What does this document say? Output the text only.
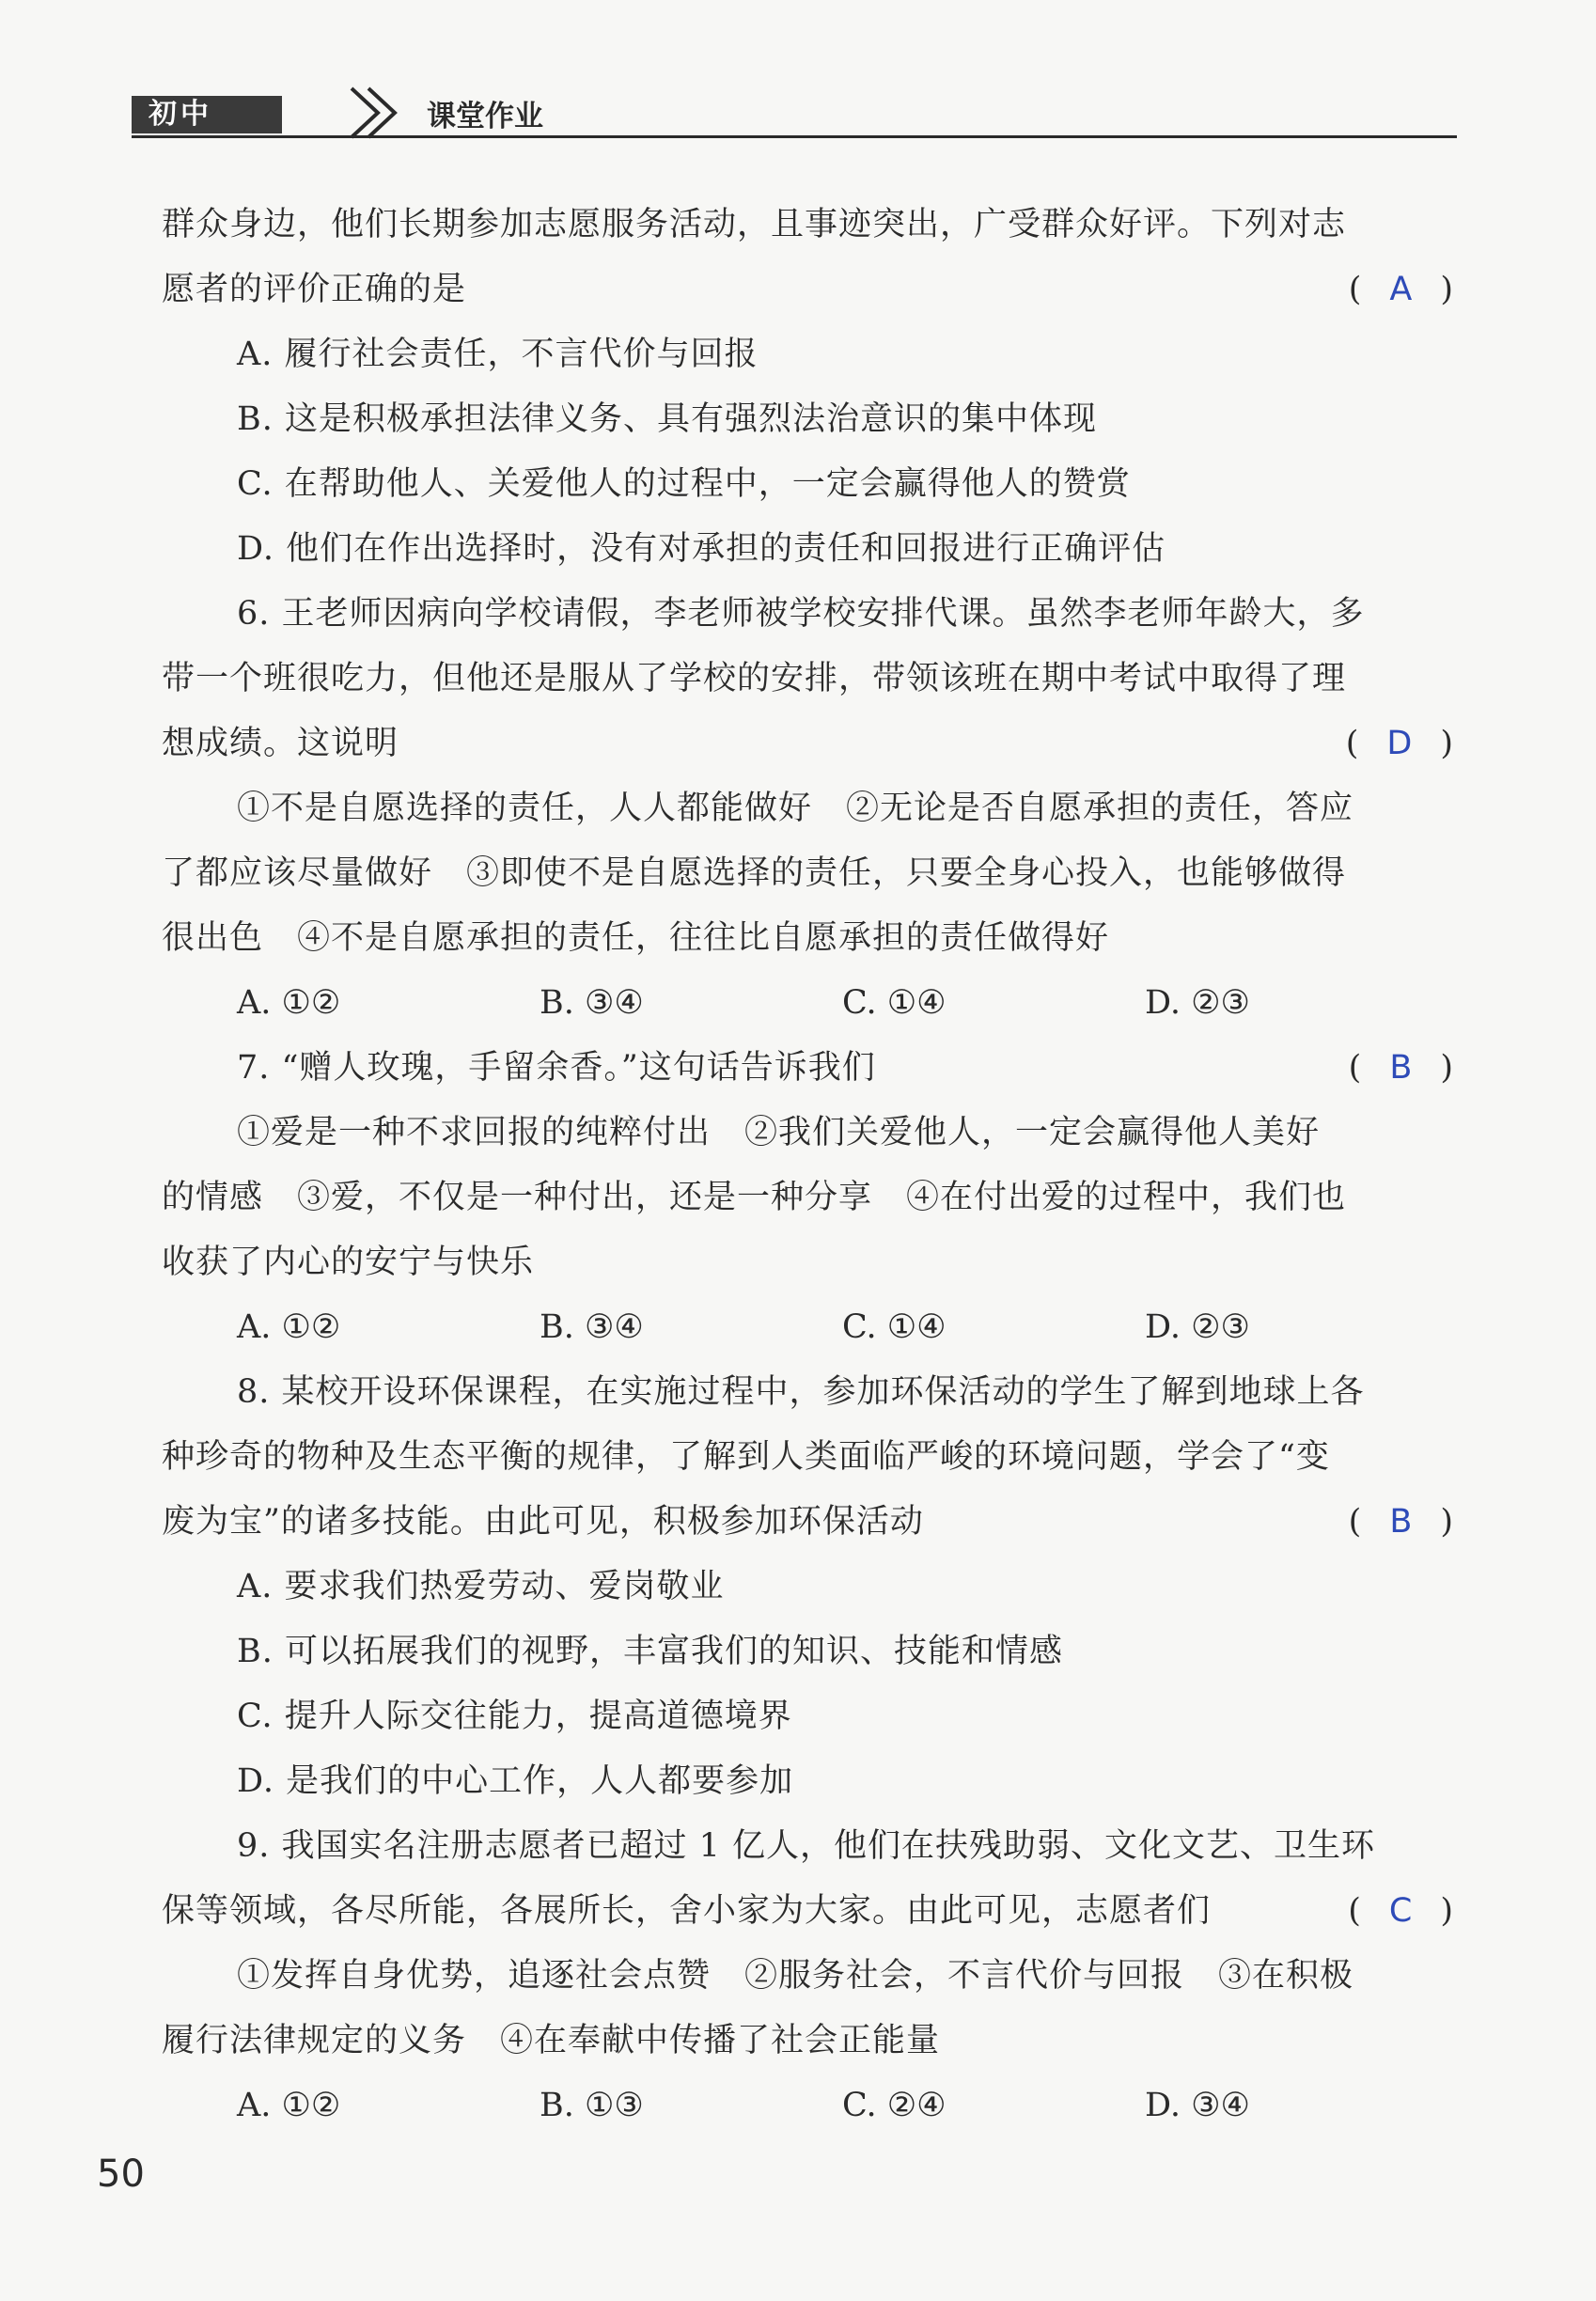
初中	课堂作业

群众身边，他们长期参加志愿服务活动，且事迹突出，广受群众好评。下列对志

愿者的评价正确的是	( A )

A. 履行社会责任，不言代价与回报

B. 这是积极承担法律义务、具有强烈法治意识的集中体现

C. 在帮助他人、关爱他人的过程中，一定会赢得他人的赞赏

D. 他们在作出选择时，没有对承担的责任和回报进行正确评估

6. 王老师因病向学校请假，李老师被学校安排代课。虽然李老师年龄大，多

带一个班很吃力，但他还是服从了学校的安排，带领该班在期中考试中取得了理

想成绩。这说明	( D )

①不是自愿选择的责任，人人都能做好　②无论是否自愿承担的责任，答应

了都应该尽量做好　③即使不是自愿选择的责任，只要全身心投入，也能够做得

很出色　④不是自愿承担的责任，往往比自愿承担的责任做得好

A. ①②	B. ③④	C. ①④	D. ②③

7. “赠人玫瑰，手留余香。”这句话告诉我们	( B )

①爱是一种不求回报的纯粹付出　②我们关爱他人，一定会赢得他人美好

的情感　③爱，不仅是一种付出，还是一种分享　④在付出爱的过程中，我们也

收获了内心的安宁与快乐

A. ①②	B. ③④	C. ①④	D. ②③

8. 某校开设环保课程，在实施过程中，参加环保活动的学生了解到地球上各

种珍奇的物种及生态平衡的规律，了解到人类面临严峻的环境问题，学会了“变

废为宝”的诸多技能。由此可见，积极参加环保活动	( B )

A. 要求我们热爱劳动、爱岗敬业

B. 可以拓展我们的视野，丰富我们的知识、技能和情感

C. 提升人际交往能力，提高道德境界

D. 是我们的中心工作，人人都要参加

9. 我国实名注册志愿者已超过 1 亿人，他们在扶残助弱、文化文艺、卫生环

保等领域，各尽所能，各展所长，舍小家为大家。由此可见，志愿者们	( C )

①发挥自身优势，追逐社会点赞　②服务社会，不言代价与回报　③在积极

履行法律规定的义务　④在奉献中传播了社会正能量

A. ①②	B. ①③	C. ②④	D. ③④
50
